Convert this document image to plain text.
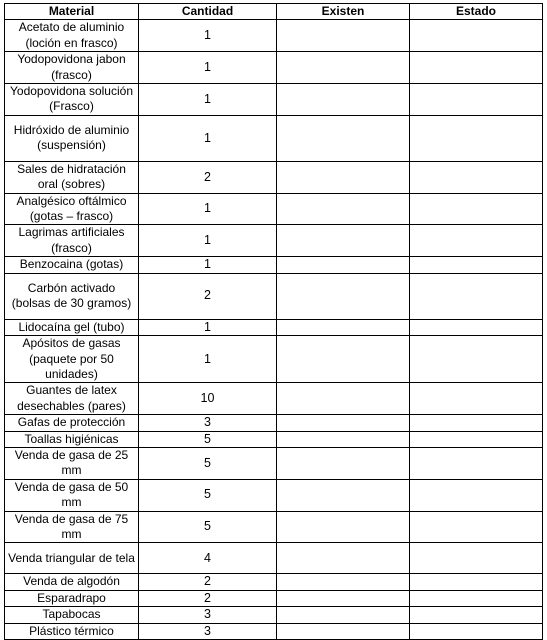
Material	Cantidad	Existen	Estado
Acetato de aluminio (loción en frasco)	1		
Yodopovidona jabon (frasco)	1		
Yodopovidona solución (Frasco)	1		
Hidróxido de aluminio (suspensión)	1		
Sales de hidratación oral (sobres)	2		
Analgésico oftálmico (gotas – frasco)	1		
Lagrimas artificiales (frasco)	1		
Benzocaina (gotas)	1		
Carbón activado (bolsas de 30 gramos)	2		
Lidocaína gel (tubo)	1		
Apósitos de gasas (paquete por 50 unidades)	1		
Guantes de latex desechables (pares)	10		
Gafas de protección	3		
Toallas higiénicas	5		
Venda de gasa de 25 mm	5		
Venda de gasa de 50 mm	5		
Venda de gasa de 75 mm	5		
Venda triangular de tela	4		
Venda de algodón	2		
Esparadrapo	2		
Tapabocas	3		
Plástico térmico	3		
